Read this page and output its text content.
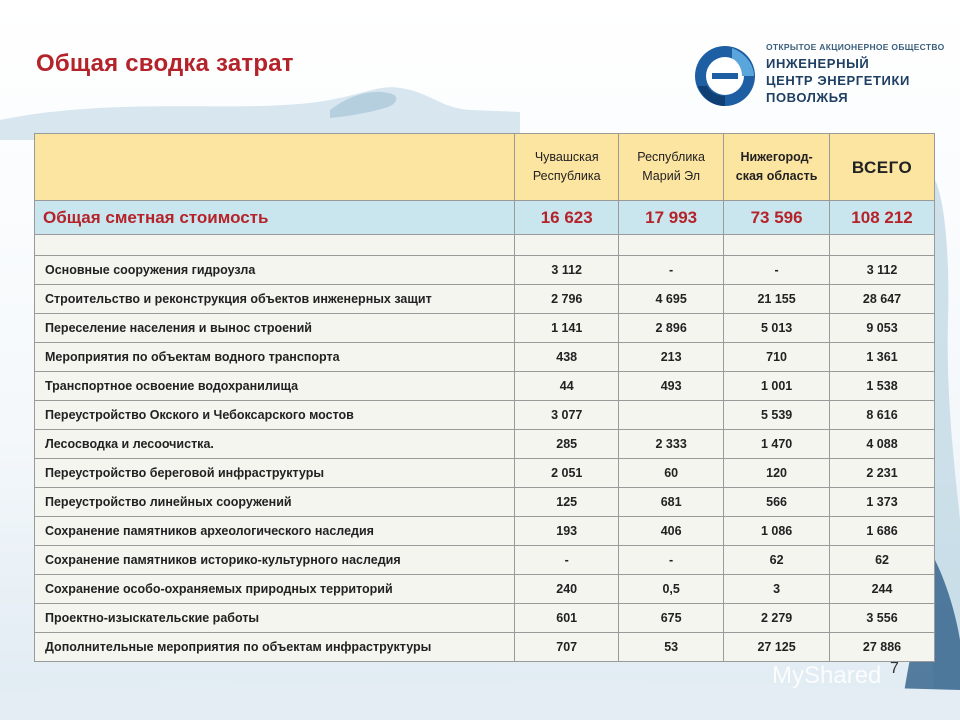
Общая сводка затрат
ОТКРЫТОЕ АКЦИОНЕРНОЕ ОБЩЕСТВО
ИНЖЕНЕРНЫЙ
ЦЕНТР ЭНЕРГЕТИКИ
ПОВОЛЖЬЯ
	Чувашская Республика	Республика Марий Эл	Нижегород-ская область	ВСЕГО
Общая сметная стоимость	16 623	17 993	73 596	108 212

Основные сооружения гидроузла	3 112	-	-	3 112
Строительство и реконструкция объектов инженерных защит	2 796	4 695	21 155	28 647
Переселение населения и вынос строений	1 141	2 896	5 013	9 053
Мероприятия по объектам водного транспорта	438	213	710	1 361
Транспортное освоение водохранилища	44	493	1 001	1 538
Переустройство Окского и Чебоксарского мостов	3 077		5 539	8 616
Лесосводка и лесоочистка.	285	2 333	1 470	4 088
Переустройство береговой инфраструктуры	2 051	60	120	2 231
Переустройство линейных сооружений	125	681	566	1 373
Сохранение памятников археологического наследия	193	406	1 086	1 686
Сохранение памятников историко-культурного наследия	-	-	62	62
Сохранение особо-охраняемых природных территорий	240	0,5	3	244
Проектно-изыскательские работы	601	675	2 279	3 556
Дополнительные мероприятия по объектам инфраструктуры	707	53	27 125	27 886
7
MyShared
